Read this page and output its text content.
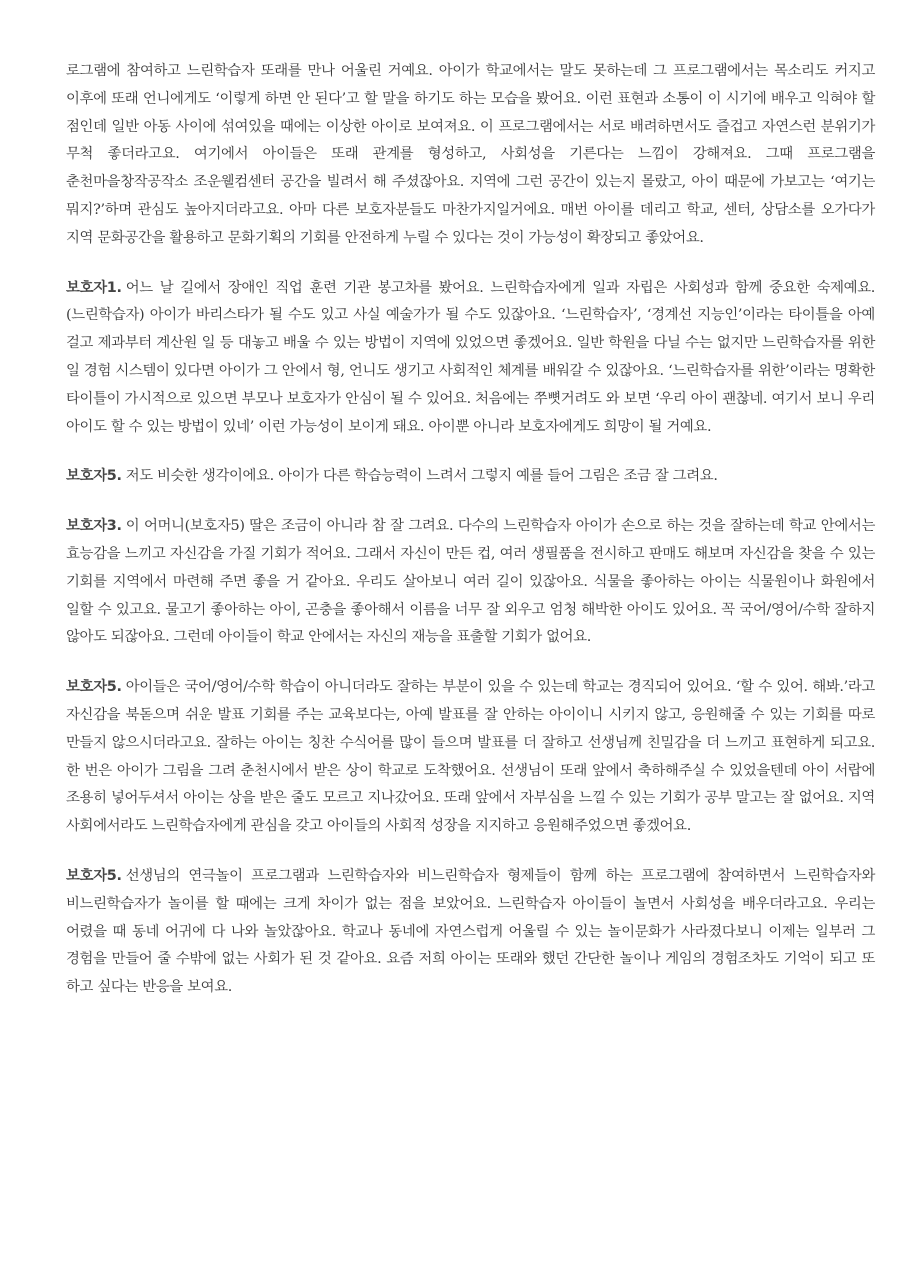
로그램에 참여하고 느린학습자 또래를 만나 어울린 거예요. 아이가 학교에서는 말도 못하는데 그 프로그램에서는 목소리도 커지고 이후에 또래 언니에게도 ‘이렇게 하면 안 된다’고 할 말을 하기도 하는 모습을 봤어요. 이런 표현과 소통이 이 시기에 배우고 익혀야 할 점인데 일반 아동 사이에 섞여있을 때에는 이상한 아이로 보여져요. 이 프로그램에서는 서로 배려하면서도 즐겁고 자연스런 분위기가 무척 좋더라고요. 여기에서 아이들은 또래 관계를 형성하고, 사회성을 기른다는 느낌이 강해져요. 그때 프로그램을 춘천마을창작공작소 조운웰컴센터 공간을 빌려서 해 주셨잖아요. 지역에 그런 공간이 있는지 몰랐고, 아이 때문에 가보고는 ‘여기는 뭐지?’하며 관심도 높아지더라고요. 아마 다른 보호자분들도 마찬가지일거에요. 매번 아이를 데리고 학교, 센터, 상담소를 오가다가 지역 문화공간을 활용하고 문화기획의 기회를 안전하게 누릴 수 있다는 것이 가능성이 확장되고 좋았어요.

보호자1. 어느 날 길에서 장애인 직업 훈련 기관 봉고차를 봤어요. 느린학습자에게 일과 자립은 사회성과 함께 중요한 숙제예요. (느린학습자) 아이가 바리스타가 될 수도 있고 사실 예술가가 될 수도 있잖아요. ‘느린학습자’, ‘경계선 지능인’이라는 타이틀을 아예 걸고 제과부터 계산원 일 등 대놓고 배울 수 있는 방법이 지역에 있었으면 좋겠어요. 일반 학원을 다닐 수는 없지만 느린학습자를 위한 일 경험 시스템이 있다면 아이가 그 안에서 형, 언니도 생기고 사회적인 체계를 배워갈 수 있잖아요. ‘느린학습자를 위한’이라는 명확한 타이틀이 가시적으로 있으면 부모나 보호자가 안심이 될 수 있어요. 처음에는 쭈뼛거려도 와 보면 ‘우리 아이 괜찮네. 여기서 보니 우리 아이도 할 수 있는 방법이 있네’ 이런 가능성이 보이게 돼요. 아이뿐 아니라 보호자에게도 희망이 될 거예요.

보호자5. 저도 비슷한 생각이에요. 아이가 다른 학습능력이 느려서 그렇지 예를 들어 그림은 조금 잘 그려요.

보호자3. 이 어머니(보호자5) 딸은 조금이 아니라 참 잘 그려요. 다수의 느린학습자 아이가 손으로 하는 것을 잘하는데 학교 안에서는 효능감을 느끼고 자신감을 가질 기회가 적어요. 그래서 자신이 만든 컵, 여러 생필품을 전시하고 판매도 해보며 자신감을 찾을 수 있는 기회를 지역에서 마련해 주면 좋을 거 같아요. 우리도 살아보니 여러 길이 있잖아요. 식물을 좋아하는 아이는 식물원이나 화원에서 일할 수 있고요. 물고기 좋아하는 아이, 곤충을 좋아해서 이름을 너무 잘 외우고 엄청 해박한 아이도 있어요. 꼭 국어/영어/수학 잘하지 않아도 되잖아요. 그런데 아이들이 학교 안에서는 자신의 재능을 표출할 기회가 없어요.

보호자5. 아이들은 국어/영어/수학 학습이 아니더라도 잘하는 부분이 있을 수 있는데 학교는 경직되어 있어요. ‘할 수 있어. 해봐.’라고 자신감을 북돋으며 쉬운 발표 기회를 주는 교육보다는, 아예 발표를 잘 안하는 아이이니 시키지 않고, 응원해줄 수 있는 기회를 따로 만들지 않으시더라고요. 잘하는 아이는 칭찬 수식어를 많이 들으며 발표를 더 잘하고 선생님께 친밀감을 더 느끼고 표현하게 되고요. 한 번은 아이가 그림을 그려 춘천시에서 받은 상이 학교로 도착했어요. 선생님이 또래 앞에서 축하해주실 수 있었을텐데 아이 서랍에 조용히 넣어두셔서 아이는 상을 받은 줄도 모르고 지나갔어요. 또래 앞에서 자부심을 느낄 수 있는 기회가 공부 말고는 잘 없어요. 지역 사회에서라도 느린학습자에게 관심을 갖고 아이들의 사회적 성장을 지지하고 응원해주었으면 좋겠어요.

보호자5. 선생님의 연극놀이 프로그램과 느린학습자와 비느린학습자 형제들이 함께 하는 프로그램에 참여하면서 느린학습자와 비느린학습자가 놀이를 할 때에는 크게 차이가 없는 점을 보았어요. 느린학습자 아이들이 놀면서 사회성을 배우더라고요. 우리는 어렸을 때 동네 어귀에 다 나와 놀았잖아요. 학교나 동네에 자연스럽게 어울릴 수 있는 놀이문화가 사라졌다보니 이제는 일부러 그 경험을 만들어 줄 수밖에 없는 사회가 된 것 같아요. 요즘 저희 아이는 또래와 했던 간단한 놀이나 게임의 경험조차도 기억이 되고 또 하고 싶다는 반응을 보여요.
